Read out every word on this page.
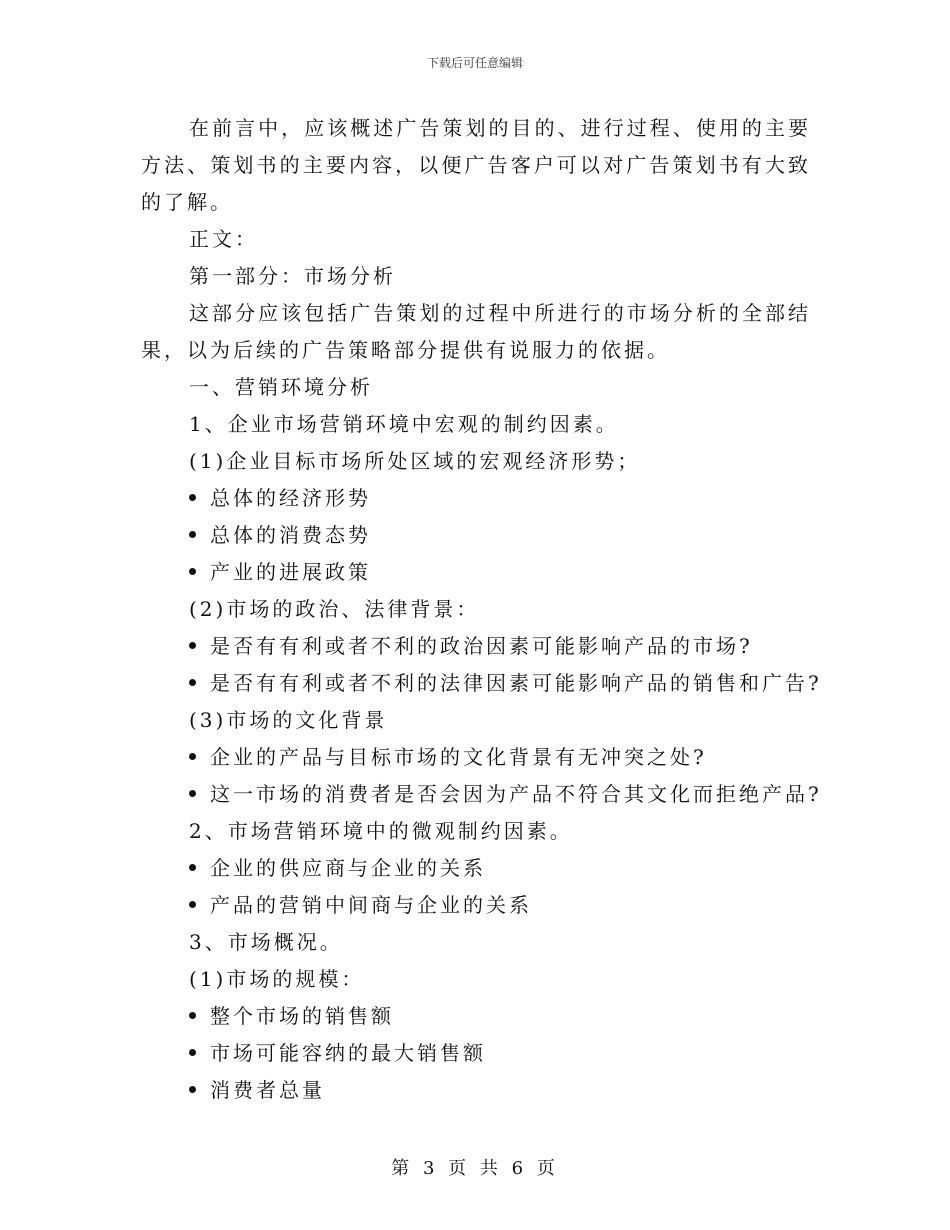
下载后可任意编辑

在前言中，应该概述广告策划的目的、进行过程、使用的主要方法、策划书的主要内容，以便广告客户可以对广告策划书有大致的了解。

正文：

第一部分：市场分析

这部分应该包括广告策划的过程中所进行的市场分析的全部结果，以为后续的广告策略部分提供有说服力的依据。

一、营销环境分析

1、企业市场营销环境中宏观的制约因素。

(1)企业目标市场所处区域的宏观经济形势；

总体的经济形势

总体的消费态势

产业的进展政策

(2)市场的政治、法律背景：

是否有有利或者不利的政治因素可能影响产品的市场?

是否有有利或者不利的法律因素可能影响产品的销售和广告?

(3)市场的文化背景

企业的产品与目标市场的文化背景有无冲突之处?

这一市场的消费者是否会因为产品不符合其文化而拒绝产品?

2、市场营销环境中的微观制约因素。

企业的供应商与企业的关系

产品的营销中间商与企业的关系

3、市场概况。

(1)市场的规模：

整个市场的销售额

市场可能容纳的最大销售额

消费者总量

第 3 页 共 6 页
